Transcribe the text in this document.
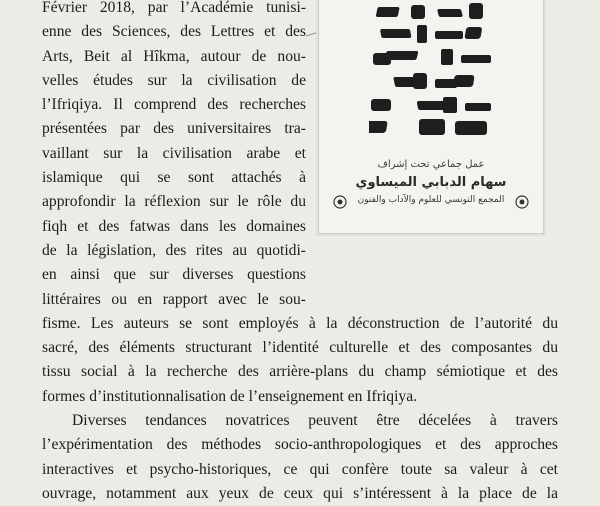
Février 2018, par l’Académie tunisi-
enne des Sciences, des Lettres et des
Arts, Beit al Hîkma, autour de nou-
velles études sur la civilisation de
l’Ifriqiya. Il comprend des recherches
présentées par des universitaires tra-
vaillant sur la civilisation arabe et
islamique qui se sont attachés à
approfondir la réflexion sur le rôle du
fiqh et des fatwas dans les domaines
de la législation, des rites au quotidi-
en ainsi que sur diverses questions
littéraires ou en rapport avec le sou-
fisme. Les auteurs se sont employés à la déconstruction de l’autorité du
sacré, des éléments structurant l’identité culturelle et des composantes du
tissu social à la recherche des arrière-plans du champ sémiotique et des
formes d’institutionnalisation de l’enseignement en Ifriqiya.
Diverses tendances novatrices peuvent être décelées à travers
l’expérimentation des méthodes socio-anthropologiques et des approches
interactives et psycho-historiques, ce qui confère toute sa valeur à cet
ouvrage, notamment aux yeux de ceux qui s’intéressent à la place de la
عمل جماعي تحت إشراف
سهام الدبابي الميساوي
المجمع التونسي للعلوم والآداب والفنون
